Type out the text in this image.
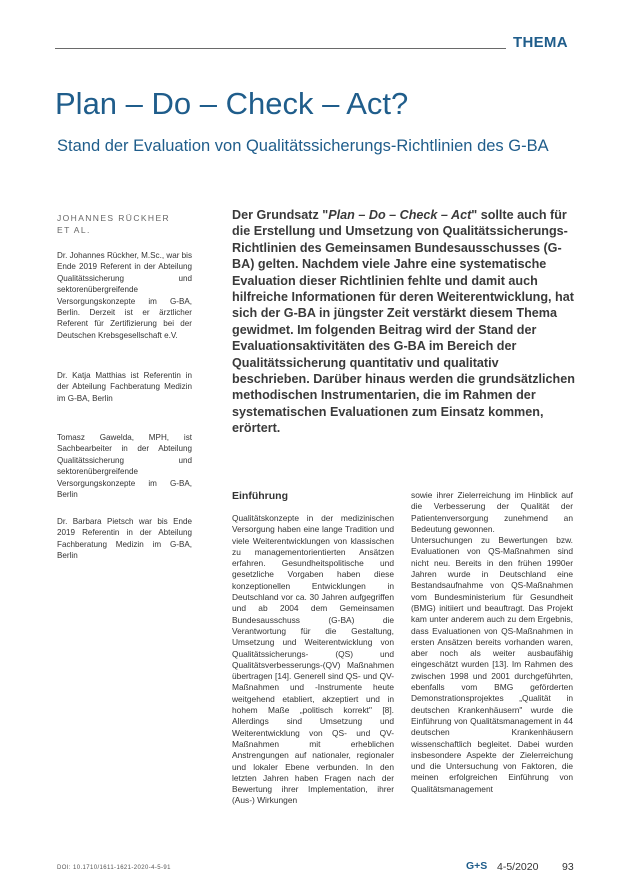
THEMA
Plan – Do – Check – Act?
Stand der Evaluation von Qualitätssicherungs-Richtlinien des G-BA
JOHANNES RÜCKHER ET AL.

Dr. Johannes Rückher, M.Sc., war bis Ende 2019 Referent in der Abteilung Qualitätssicherung und sektorenübergreifende Versorgungskonzepte im G-BA, Berlin. Derzeit ist er ärztlicher Referent für Zertifizierung bei der Deutschen Krebsgesellschaft e.V.

Dr. Katja Matthias ist Referentin in der Abteilung Fachberatung Medizin im G-BA, Berlin

Tomasz Gawelda, MPH, ist Sachbearbeiter in der Abteilung Qualitätssicherung und sektorenübergreifende Versorgungskonzepte im G-BA, Berlin

Dr. Barbara Pietsch war bis Ende 2019 Referentin in der Abteilung Fachberatung Medizin im G-BA, Berlin

Der Grundsatz "Plan – Do – Check – Act" sollte auch für die Erstellung und Umsetzung von Qualitätssicherungs-Richtlinien des Gemeinsamen Bundesausschusses (G-BA) gelten. Nachdem viele Jahre eine systematische Evaluation dieser Richtlinien fehlte und damit auch hilfreiche Informationen für deren Weiterentwicklung, hat sich der G-BA in jüngster Zeit verstärkt diesem Thema gewidmet. Im folgenden Beitrag wird der Stand der Evaluationsaktivitäten des G-BA im Bereich der Qualitätssicherung quantitativ und qualitativ beschrieben. Darüber hinaus werden die grundsätzlichen methodischen Instrumentarien, die im Rahmen der systematischen Evaluationen zum Einsatz kommen, erörtert.

Einführung
Qualitätskonzepte in der medizinischen Versorgung haben eine lange Tradition und viele Weiterentwicklungen von klassischen zu managementorientierten Ansätzen erfahren. Gesundheitspolitische und gesetzliche Vorgaben haben diese konzeptionellen Entwicklungen in Deutschland vor ca. 30 Jahren aufgegriffen und ab 2004 dem Gemeinsamen Bundesausschuss (G-BA) die Verantwortung für die Gestaltung, Umsetzung und Weiterentwicklung von Qualitätssicherungs- (QS) und Qualitätsverbesserungs-(QV) Maßnahmen übertragen [14]. Generell sind QS- und QV-Maßnahmen und -Instrumente heute weitgehend etabliert, akzeptiert und in hohem Maße „politisch korrekt" [8]. Allerdings sind Umsetzung und Weiterentwicklung von QS- und QV-Maßnahmen mit erheblichen Anstrengungen auf nationaler, regionaler und lokaler Ebene verbunden. In den letzten Jahren haben Fragen nach der Bewertung ihrer Implementation, ihrer (Aus-) Wirkungen
sowie ihrer Zielerreichung im Hinblick auf die Verbesserung der Qualität der Patientenversorgung zunehmend an Bedeutung gewonnen.
Untersuchungen zu Bewertungen bzw. Evaluationen von QS-Maßnahmen sind nicht neu. Bereits in den frühen 1990er Jahren wurde in Deutschland eine Bestandsaufnahme von QS-Maßnahmen vom Bundesministerium für Gesundheit (BMG) initiiert und beauftragt. Das Projekt kam unter anderem auch zu dem Ergebnis, dass Evaluationen von QS-Maßnahmen in ersten Ansätzen bereits vorhanden waren, aber noch als weiter ausbaufähig eingeschätzt wurden [13]. Im Rahmen des zwischen 1998 und 2001 durchgeführten, ebenfalls vom BMG geförderten Demonstrationsprojektes „Qualität in deutschen Krankenhäusern" wurde die Einführung von Qualitätsmanagement in 44 deutschen Krankenhäusern wissenschaftlich begleitet. Dabei wurden insbesondere Aspekte der Zielerreichung und die Untersuchung von Faktoren, die meinen erfolgreichen Einführung von Qualitätsmanagement
DOI: 10.1710/1611-1621-2020-4-5-91	G+S 4-5/2020 93
